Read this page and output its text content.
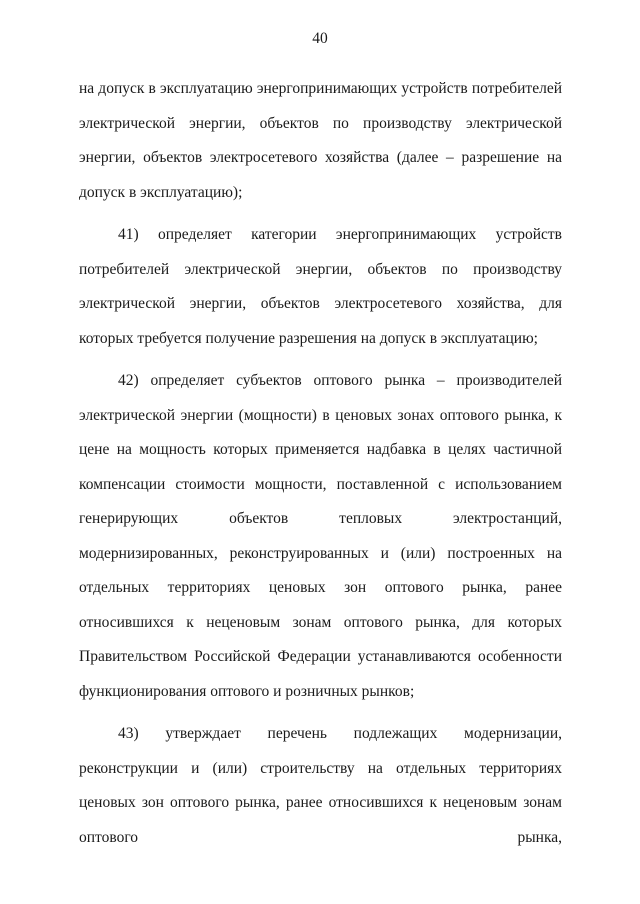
40

на допуск в эксплуатацию энергопринимающих устройств потребителей электрической энергии, объектов по производству электрической энергии, объектов электросетевого хозяйства (далее – разрешение на допуск в эксплуатацию);

41) определяет категории энергопринимающих устройств потребителей электрической энергии, объектов по производству электрической энергии, объектов электросетевого хозяйства, для которых требуется получение разрешения на допуск в эксплуатацию;

42) определяет субъектов оптового рынка – производителей электрической энергии (мощности) в ценовых зонах оптового рынка, к цене на мощность которых применяется надбавка в целях частичной компенсации стоимости мощности, поставленной с использованием генерирующих объектов тепловых электростанций, модернизированных, реконструированных и (или) построенных на отдельных территориях ценовых зон оптового рынка, ранее относившихся к неценовым зонам оптового рынка, для которых Правительством Российской Федерации устанавливаются особенности функционирования оптового и розничных рынков;

43) утверждает перечень подлежащих модернизации, реконструкции и (или) строительству на отдельных территориях ценовых зон оптового рынка, ранее относившихся к неценовым зонам оптового рынка,
